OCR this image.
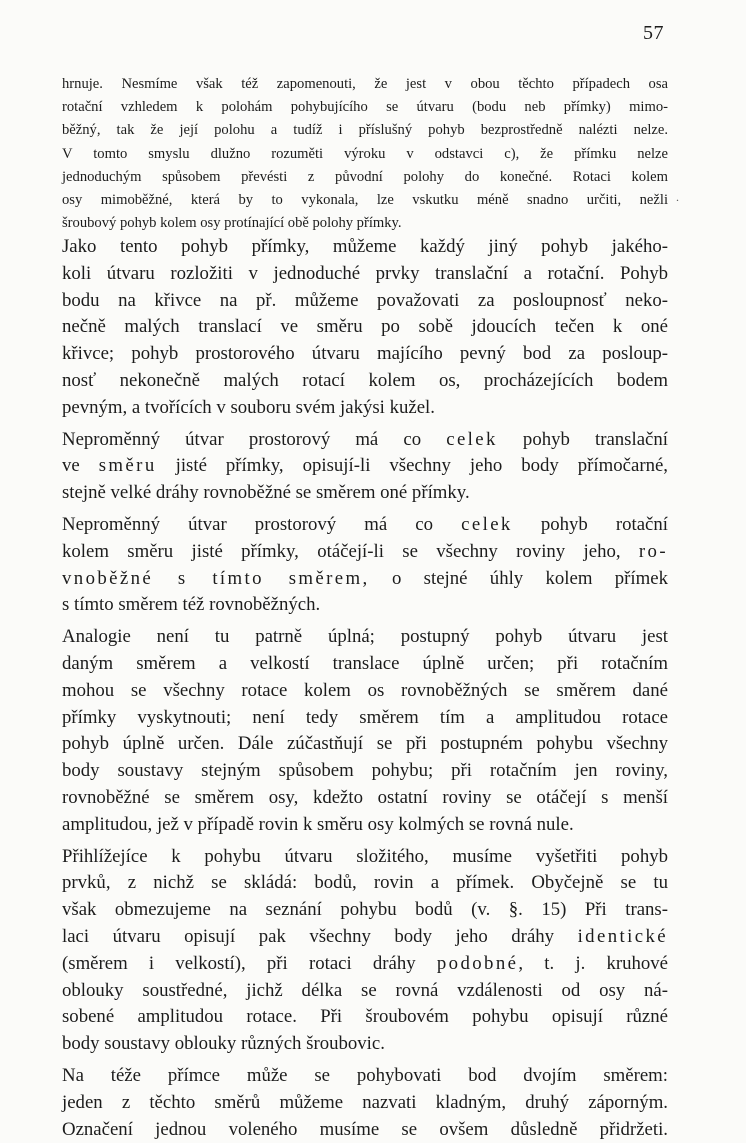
57
hrnuje. Nesmíme však též zapomenouti, že jest v obou těchto případech osa
rotační vzhledem k polohám pohybujícího se útvaru (bodu neb přímky) mimo-
běžný, tak že její polohu a tudíž i příslušný pohyb bezprostředně nalézti nelze.
V tomto smyslu dlužno rozuměti výroku v odstavci c), že přímku nelze
jednoduchým spůsobem převésti z původní polohy do konečné. Rotaci kolem
osy mimoběžné, která by to vykonala, lze vskutku méně snadno určiti, nežli
šroubový pohyb kolem osy protínající obě polohy přímky.
.
Jako tento pohyb přímky, můžeme každý jiný pohyb jakého-
koli útvaru rozložiti v jednoduché prvky translační a rotační. Pohyb
bodu na křivce na př. můžeme považovati za posloupnosť neko-
nečně malých translací ve směru po sobě jdoucích tečen k oné
křivce; pohyb prostorového útvaru majícího pevný bod za posloup-
nosť nekonečně malých rotací kolem os, procházejících bodem
pevným, a tvořících v souboru svém jakýsi kužel.
Neproměnný útvar prostorový má co celek pohyb translační
ve směru jisté přímky, opisují-li všechny jeho body přímočarné,
stejně velké dráhy rovnoběžné se směrem oné přímky.
Neproměnný útvar prostorový má co celek pohyb rotační
kolem směru jisté přímky, otáčejí-li se všechny roviny jeho, ro-
vnoběžné s tímto směrem, o stejné úhly kolem přímek
s tímto směrem též rovnoběžných.
Analogie není tu patrně úplná; postupný pohyb útvaru jest
daným směrem a velkostí translace úplně určen; při rotačním
mohou se všechny rotace kolem os rovnoběžných se směrem dané
přímky vyskytnouti; není tedy směrem tím a amplitudou rotace
pohyb úplně určen. Dále zúčastňují se při postupném pohybu všechny
body soustavy stejným spůsobem pohybu; při rotačním jen roviny,
rovnoběžné se směrem osy, kdežto ostatní roviny se otáčejí s menší
amplitudou, jež v případě rovin k směru osy kolmých se rovná nule.
Přihlížejíce k pohybu útvaru složitého, musíme vyšetřiti pohyb
prvků, z nichž se skládá: bodů, rovin a přímek. Obyčejně se tu
však obmezujeme na seznání pohybu bodů (v. §. 15) Při trans-
laci útvaru opisují pak všechny body jeho dráhy identické
(směrem i velkostí), při rotaci dráhy podobné, t. j. kruhové
oblouky soustředné, jichž délka se rovná vzdálenosti od osy ná-
sobené amplitudou rotace. Při šroubovém pohybu opisují různé
body soustavy oblouky různých šroubovic.
Na téže přímce může se pohybovati bod dvojím směrem:
jeden z těchto směrů můžeme nazvati kladným, druhý záporným.
Označení jednou voleného musíme se ovšem důsledně přidržeti.
